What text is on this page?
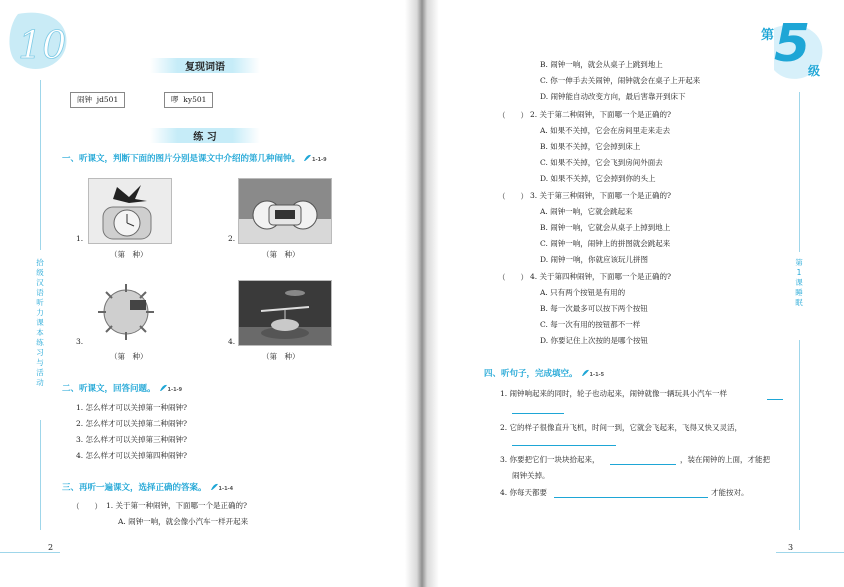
10
复现词语
闹钟 jd501	啰 ky501
练 习
一、听课文，判断下面的图片分别是课文中介绍的第几种闹钟。 1-1-9
1.
（第　种）
2.
（第　种）
3.
（第　种）
4.
（第　种）
二、听课文，回答问题。 1-1-9
1. 怎么样才可以关掉第一种闹钟?
2. 怎么样才可以关掉第二种闹钟?
3. 怎么样才可以关掉第三种闹钟?
4. 怎么样才可以关掉第四种闹钟?
三、再听一遍课文，选择正确的答案。 1-1-4
（　　） 1. 关于第一种闹钟，下面哪一个是正确的?
A. 闹钟一响，就会像小汽车一样开起来
拾级汉语 听力课本 练习与活动
2
B. 闹钟一响，就会从桌子上跳到地上
C. 你一伸手去关闹钟，闹钟就会在桌子上开起来
D. 闹钟能自动改变方向，最后害靠开到床下
（　　） 2. 关于第二种闹钟，下面哪一个是正确的?
A. 如果不关掉，它会在房间里走来走去
B. 如果不关掉，它会掉到床上
C. 如果不关掉，它会飞到房间外面去
D. 如果不关掉，它会掉到你的头上
（　　） 3. 关于第三种闹钟，下面哪一个是正确的?
A. 闹钟一响，它就会跳起来
B. 闹钟一响，它就会从桌子上掉到地上
C. 闹钟一响，闹钟上的拼图就会跳起来
D. 闹钟一响，你就应该玩儿拼图
（　　） 4. 关于第四种闹钟，下面哪一个是正确的?
A. 只有两个按钮是有用的
B. 每一次最多可以按下两个按钮
C. 每一次有用的按钮都不一样
D. 你要记住上次按的是哪个按钮
四、听句子，完成填空。 1-1-5
1. 闹钟响起来的同时，轮子也动起来，闹钟就像一辆玩具小汽车一样
2. 它的样子很像直升飞机，时间一到，它就会飞起来，飞得又快又灵活，
3. 你要把它们一块块拾起来，	，装在闹钟的上面，才能把
闹钟关掉。
4. 你每天都要	才能按对。
第 5
级
第1课 睡眠
3
